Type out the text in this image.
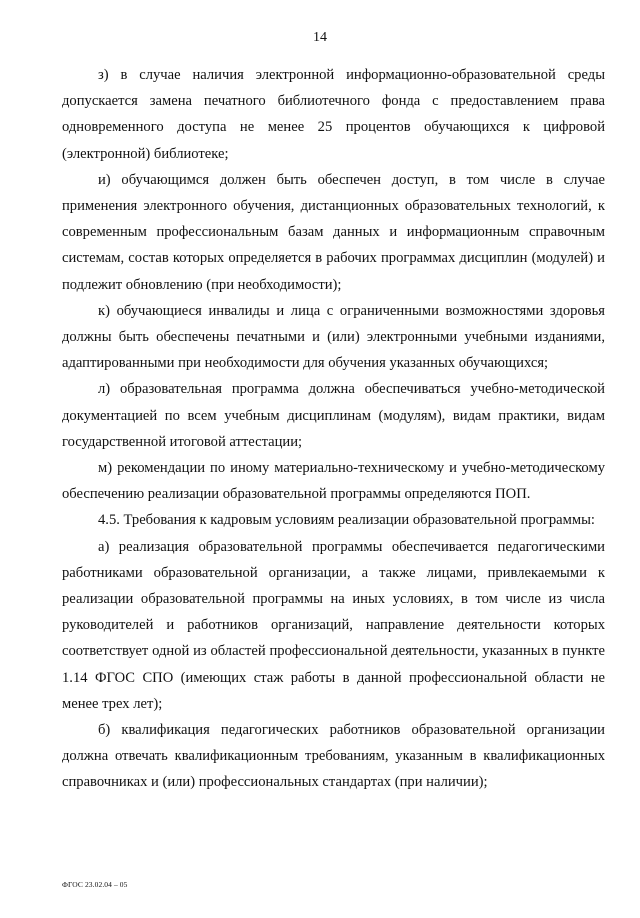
14

з) в случае наличия электронной информационно-образовательной среды допускается замена печатного библиотечного фонда с предоставлением права одновременного доступа не менее 25 процентов обучающихся к цифровой (электронной) библиотеке;

и) обучающимся должен быть обеспечен доступ, в том числе в случае применения электронного обучения, дистанционных образовательных технологий, к современным профессиональным базам данных и информационным справочным системам, состав которых определяется в рабочих программах дисциплин (модулей) и подлежит обновлению (при необходимости);

к) обучающиеся инвалиды и лица с ограниченными возможностями здоровья должны быть обеспечены печатными и (или) электронными учебными изданиями, адаптированными при необходимости для обучения указанных обучающихся;

л) образовательная программа должна обеспечиваться учебно-методической документацией по всем учебным дисциплинам (модулям), видам практики, видам государственной итоговой аттестации;

м) рекомендации по иному материально-техническому и учебно-методическому обеспечению реализации образовательной программы определяются ПОП.

4.5. Требования к кадровым условиям реализации образовательной программы:

а) реализация образовательной программы обеспечивается педагогическими работниками образовательной организации, а также лицами, привлекаемыми к реализации образовательной программы на иных условиях, в том числе из числа руководителей и работников организаций, направление деятельности которых соответствует одной из областей профессиональной деятельности, указанных в пункте 1.14 ФГОС СПО (имеющих стаж работы в данной профессиональной области не менее трех лет);

б) квалификация педагогических работников образовательной организации должна отвечать квалификационным требованиям, указанным в квалификационных справочниках и (или) профессиональных стандартах (при наличии);

ФГОС 23.02.04 – 05
